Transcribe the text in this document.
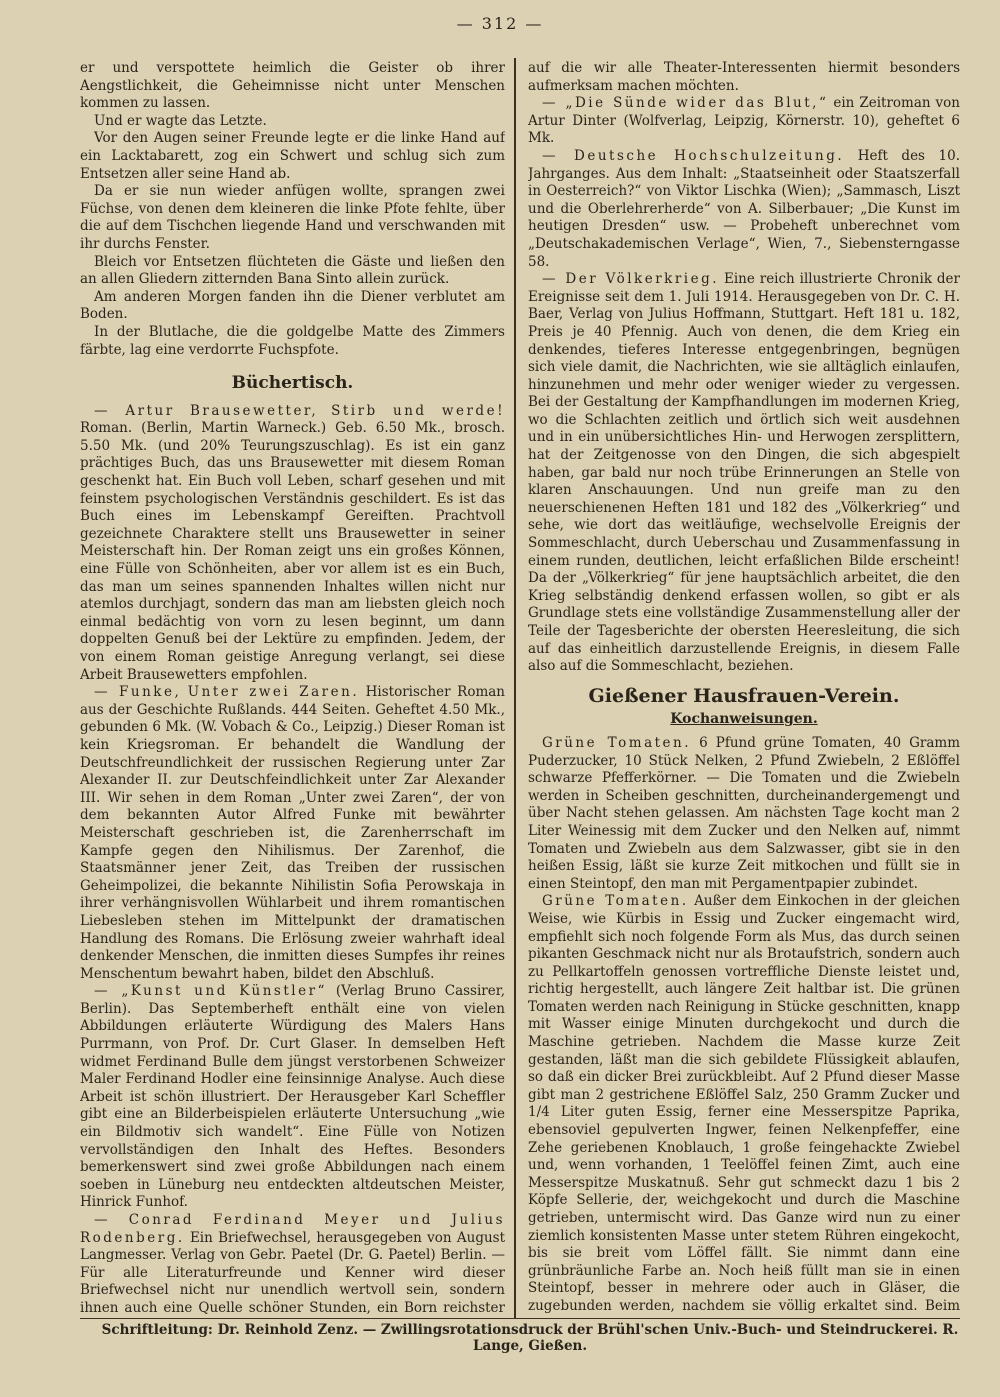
— 312 —

er und verspottete heimlich die Geister ob ihrer Aengstlichkeit, die Geheimnisse nicht unter Menschen kommen zu lassen.

Und er wagte das Letzte.

Vor den Augen seiner Freunde legte er die linke Hand auf ein Lacktabarett, zog ein Schwert und schlug sich zum Entsetzen aller seine Hand ab.

Da er sie nun wieder anfügen wollte, sprangen zwei Füchse, von denen dem kleineren die linke Pfote fehlte, über die auf dem Tischchen liegende Hand und verschwanden mit ihr durchs Fenster.

Bleich vor Entsetzen flüchteten die Gäste und ließen den an allen Gliedern zitternden Bana Sinto allein zurück.

Am anderen Morgen fanden ihn die Diener verblutet am Boden.

In der Blutlache, die die goldgelbe Matte des Zimmers färbte, lag eine verdorrte Fuchspfote.

Büchertisch.

— Artur Brausewetter, Stirb und werde! Roman. (Berlin, Martin Warneck.) Geb. 6.50 Mk., brosch. 5.50 Mk. (und 20% Teurungszuschlag). Es ist ein ganz prächtiges Buch, das uns Brausewetter mit diesem Roman geschenkt hat. Ein Buch voll Leben, scharf gesehen und mit feinstem psychologischen Verständnis geschildert. Es ist das Buch eines im Lebenskampf Gereiften. Prachtvoll gezeichnete Charaktere stellt uns Brausewetter in seiner Meisterschaft hin. Der Roman zeigt uns ein großes Können, eine Fülle von Schönheiten, aber vor allem ist es ein Buch, das man um seines spannenden Inhaltes willen nicht nur atemlos durchjagt, sondern das man am liebsten gleich noch einmal bedächtig von vorn zu lesen beginnt, um dann doppelten Genuß bei der Lektüre zu empfinden. Jedem, der von einem Roman geistige Anregung verlangt, sei diese Arbeit Brausewetters empfohlen.

— Funke, Unter zwei Zaren. Historischer Roman aus der Geschichte Rußlands. 444 Seiten. Geheftet 4.50 Mk., gebunden 6 Mk. (W. Vobach & Co., Leipzig.) Dieser Roman ist kein Kriegsroman. Er behandelt die Wandlung der Deutschfreundlichkeit der russischen Regierung unter Zar Alexander II. zur Deutschfeindlichkeit unter Zar Alexander III. Wir sehen in dem Roman „Unter zwei Zaren“, der von dem bekannten Autor Alfred Funke mit bewährter Meisterschaft geschrieben ist, die Zarenherrschaft im Kampfe gegen den Nihilismus. Der Zarenhof, die Staatsmänner jener Zeit, das Treiben der russischen Geheimpolizei, die bekannte Nihilistin Sofia Perowskaja in ihrer verhängnisvollen Wühlarbeit und ihrem romantischen Liebesleben stehen im Mittelpunkt der dramatischen Handlung des Romans. Die Erlösung zweier wahrhaft ideal denkender Menschen, die inmitten dieses Sumpfes ihr reines Menschentum bewahrt haben, bildet den Abschluß.

— „Kunst und Künstler“ (Verlag Bruno Cassirer, Berlin). Das Septemberheft enthält eine von vielen Abbildungen erläuterte Würdigung des Malers Hans Purrmann, von Prof. Dr. Curt Glaser. In demselben Heft widmet Ferdinand Bulle dem jüngst verstorbenen Schweizer Maler Ferdinand Hodler eine feinsinnige Analyse. Auch diese Arbeit ist schön illustriert. Der Herausgeber Karl Scheffler gibt eine an Bilderbeispielen erläuterte Untersuchung „wie ein Bildmotiv sich wandelt“. Eine Fülle von Notizen vervollständigen den Inhalt des Heftes. Besonders bemerkenswert sind zwei große Abbildungen nach einem soeben in Lüneburg neu entdeckten altdeutschen Meister, Hinrick Funhof.

— Conrad Ferdinand Meyer und Julius Rodenberg. Ein Briefwechsel, herausgegeben von August Langmesser. Verlag von Gebr. Paetel (Dr. G. Paetel) Berlin. — Für alle Literaturfreunde und Kenner wird dieser Briefwechsel nicht nur unendlich wertvoll sein, sondern ihnen auch eine Quelle schöner Stunden, ein Born reichster

auf die wir alle Theater-Interessenten hiermit besonders aufmerksam machen möchten.

— „Die Sünde wider das Blut,“ ein Zeitroman von Artur Dinter (Wolfverlag, Leipzig, Körnerstr. 10), geheftet 6 Mk.

— Deutsche Hochschulzeitung. Heft des 10. Jahrganges. Aus dem Inhalt: „Staatseinheit oder Staatszerfall in Oesterreich?“ von Viktor Lischka (Wien); „Sammasch, Liszt und die Oberlehrerherde“ von A. Silberbauer; „Die Kunst im heutigen Dresden“ usw. — Probeheft unberechnet vom „Deutschakademischen Verlage“, Wien, 7., Siebensterngasse 58.

— Der Völkerkrieg. Eine reich illustrierte Chronik der Ereignisse seit dem 1. Juli 1914. Herausgegeben von Dr. C. H. Baer, Verlag von Julius Hoffmann, Stuttgart. Heft 181 u. 182, Preis je 40 Pfennig. Auch von denen, die dem Krieg ein denkendes, tieferes Interesse entgegenbringen, begnügen sich viele damit, die Nachrichten, wie sie alltäglich einlaufen, hinzunehmen und mehr oder weniger wieder zu vergessen. Bei der Gestaltung der Kampfhandlungen im modernen Krieg, wo die Schlachten zeitlich und örtlich sich weit ausdehnen und in ein unübersichtliches Hin- und Herwogen zersplittern, hat der Zeitgenosse von den Dingen, die sich abgespielt haben, gar bald nur noch trübe Erinnerungen an Stelle von klaren Anschauungen. Und nun greife man zu den neuerschienenen Heften 181 und 182 des „Völkerkrieg“ und sehe, wie dort das weitläufige, wechselvolle Ereignis der Sommeschlacht, durch Ueberschau und Zusammenfassung in einem runden, deutlichen, leicht erfaßlichen Bilde erscheint! Da der „Völkerkrieg“ für jene hauptsächlich arbeitet, die den Krieg selbständig denkend erfassen wollen, so gibt er als Grundlage stets eine vollständige Zusammenstellung aller der Teile der Tagesberichte der obersten Heeresleitung, die sich auf das einheitlich darzustellende Ereignis, in diesem Falle also auf die Sommeschlacht, beziehen.

Gießener Hausfrauen-Verein.
Kochanweisungen.

Grüne Tomaten. 6 Pfund grüne Tomaten, 40 Gramm Puderzucker, 10 Stück Nelken, 2 Pfund Zwiebeln, 2 Eßlöffel schwarze Pfefferkörner. — Die Tomaten und die Zwiebeln werden in Scheiben geschnitten, durcheinandergemengt und über Nacht stehen gelassen. Am nächsten Tage kocht man 2 Liter Weinessig mit dem Zucker und den Nelken auf, nimmt Tomaten und Zwiebeln aus dem Salzwasser, gibt sie in den heißen Essig, läßt sie kurze Zeit mitkochen und füllt sie in einen Steintopf, den man mit Pergamentpapier zubindet.

Grüne Tomaten. Außer dem Einkochen in der gleichen Weise, wie Kürbis in Essig und Zucker eingemacht wird, empfiehlt sich noch folgende Form als Mus, das durch seinen pikanten Geschmack nicht nur als Brotaufstrich, sondern auch zu Pellkartoffeln genossen vortreffliche Dienste leistet und, richtig hergestellt, auch längere Zeit haltbar ist. Die grünen Tomaten werden nach Reinigung in Stücke geschnitten, knapp mit Wasser einige Minuten durchgekocht und durch die Maschine getrieben. Nachdem die Masse kurze Zeit gestanden, läßt man die sich gebildete Flüssigkeit ablaufen, so daß ein dicker Brei zurückbleibt. Auf 2 Pfund dieser Masse gibt man 2 gestrichene Eßlöffel Salz, 250 Gramm Zucker und 1/4 Liter guten Essig, ferner eine Messerspitze Paprika, ebensoviel gepulverten Ingwer, feinen Nelkenpfeffer, eine Zehe geriebenen Knoblauch, 1 große feingehackte Zwiebel und, wenn vorhanden, 1 Teelöffel feinen Zimt, auch eine Messerspitze Muskatnuß. Sehr gut schmeckt dazu 1 bis 2 Köpfe Sellerie, der, weichgekocht und durch die Maschine getrieben, untermischt wird. Das Ganze wird nun zu einer ziemlich konsistenten Masse unter stetem Rühren eingekocht, bis sie breit vom Löffel fällt. Sie nimmt dann eine grünbräunliche Farbe an. Noch heiß füllt man sie in einen Steintopf, besser in mehrere oder auch in Gläser, die zugebunden werden, nachdem sie völlig erkaltet sind. Beim

Schriftleitung: Dr. Reinhold Zenz. — Zwillingsrotationsdruck der Brühl'schen Univ.-Buch- und Steindruckerei. R. Lange, Gießen.
